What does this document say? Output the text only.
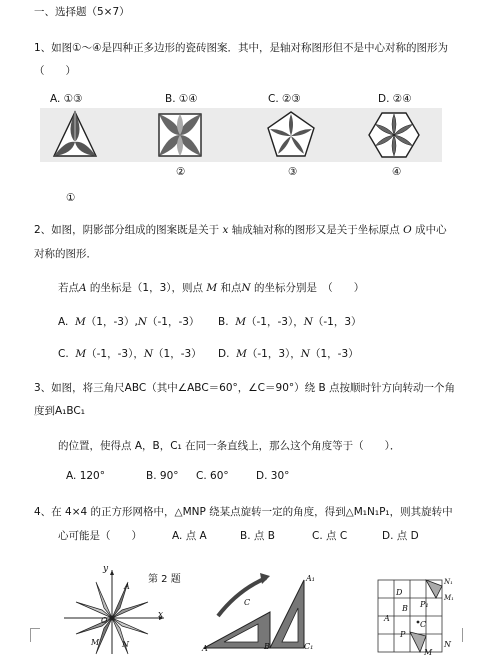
一、选择题（5×7）
1、如图①～④是四种正多边形的瓷砖图案．其中，是轴对称图形但不是中心对称的图形为
（　　）
A. ①③	B. ①④	C. ②③	D. ②④
①
②	③	④
2、如图，阴影部分组成的图案既是关于 x 轴成轴对称的图形又是关于坐标原点 O 成中心
对称的图形．
若点A 的坐标是（1，3），则点 M 和点N 的坐标分别是　（　　）
A. M（1，-3）,N（-1，-3） B. M（-1，-3），N（-1，3）
C. M（-1，-3），N（1，-3） D. M（-1，3），N（1，-3）
3、如图，将三角尺ABC（其中∠ABC＝60°，∠C＝90°）绕 B 点按顺时针方向转动一个角
度到A₁BC₁
的位置，使得点 A，B，C₁ 在同一条直线上，那么这个角度等于（　　）．
A. 120°	B. 90° C. 60°	D. 30°
4、在 4×4 的正方形网格中，△MNP 绕某点旋转一定的角度，得到△M₁N₁P₁，则其旋转中
心可能是（　　）	A. 点 A	B. 点 B	C. 点 C	D. 点 D
第 2 题
y
x
A
O
M	N
A₁
C
A	B	C₁
N₁
M₁
D
B P₁
A
C
P
M
N
